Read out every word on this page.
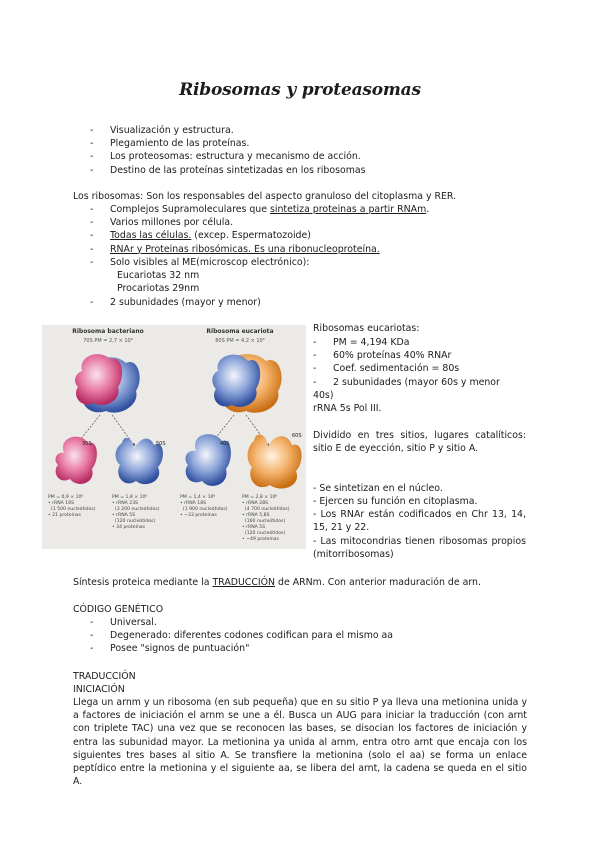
Ribosomas y proteasomas
- Visualización y estructura.
- Plegamiento de las proteínas.
- Los proteosomas: estructura y mecanismo de acción.
- Destino de las proteínas sintetizadas en los ribosomas
Los ribosomas: Son los responsables del aspecto granuloso del citoplasma y RER.
- Complejos Supramoleculares que sintetiza proteinas a partir RNAm.
- Varios millones por célula.
- Todas las células. (excep. Espermatozoide)
- RNAr y Proteinas ribosómicas. Es una ribonucleoproteína.
- Solo visibles al ME(microscop electrónico):
Eucariotas 32 nm
Procariotas 29nm
- 2 subunidades (mayor y menor)
Ribosoma bacteriano
70S PM = 2,7 × 10⁶
Ribosoma eucariota
80S PM = 4,2 × 10⁶
30S	50S	40S
60S
PM = 0,9 × 10⁶
• rRNA 16S
(1 500 nucleótidos)
• 21 proteínas
PM = 1,8 × 10⁶
• rRNA 23S
(3 200 nucleótidos)
• rRNA 5S
(120 nucleótidos)
• 34 proteínas
PM = 1,4 × 10⁶
• rRNA 18S
(1 900 nucleótidos)
• ~33 proteínas
PM = 2,8 × 10⁶
• rRNA 28S
(4 700 nucleótidos)
• rRNA 5,8S
(160 nucleótidos)
• rRNA 5S
(120 nucleótidos)
• ~49 proteínas
Ribosomas eucariotas:
- PM = 4,194 KDa
- 60% proteínas 40% RNAr
- Coef. sedimentación = 80s
- 2 subunidades (mayor 60s y menor
40s)
rRNA 5s Pol III.
Dividido en tres sitios, lugares catalíticos: sitio E de eyección, sitio P y sitio A.
- Se sintetizan en el núcleo.
- Ejercen su función en citoplasma.
- Los RNAr están codificados en Chr 13, 14, 15, 21 y 22.
- Las mitocondrias tienen ribosomas propios (mitorribosomas)
Síntesis proteica mediante la TRADUCCIÓN de ARNm. Con anterior maduración de arn.
CÓDIGO GENÉTICO
- Universal.
- Degenerado: diferentes codones codifican para el mismo aa
- Posee "signos de puntuación"
TRADUCCIÓN
INICIACIÓN
Llega un arnm y un ribosoma (en sub pequeña) que en su sitio P ya lleva una metionina unida y a factores de iniciación el arnm se une a él. Busca un AUG para iniciar la traducción (con arnt con triplete TAC) una vez que se reconocen las bases, se disocian los factores de iniciación y entra las subunidad mayor. La metionina ya unida al arnm, entra otro arnt que encaja con los siguientes tres bases al sitio A. Se transfiere la metionina (solo el aa) se forma un enlace peptídico entre la metionina y el siguiente aa, se libera del arnt, la cadena se queda en el sitio A.
